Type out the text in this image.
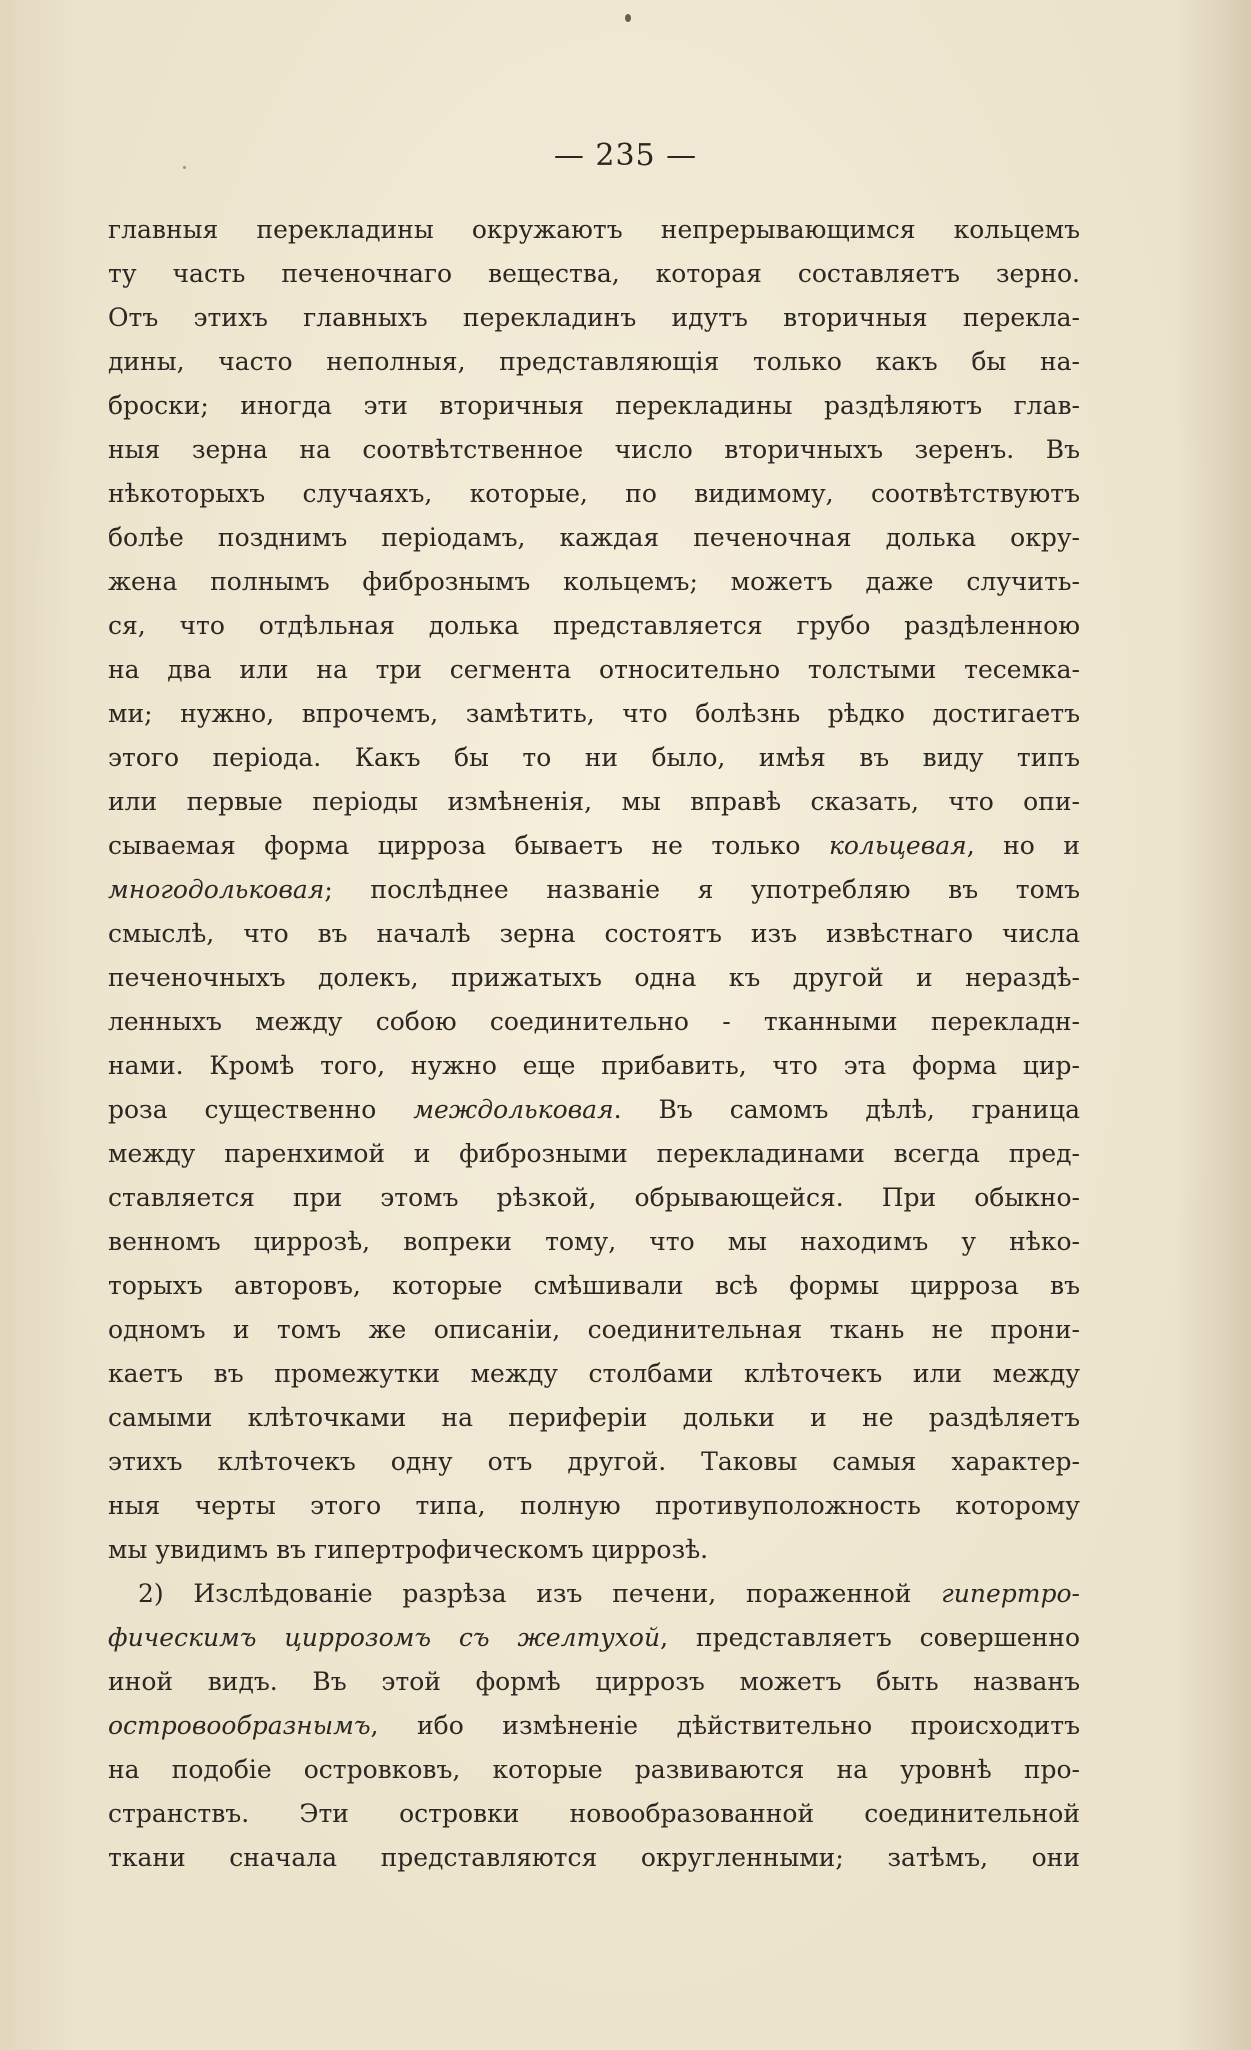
— 235 —
главныя перекладины окружаютъ непрерывающимся кольцемъ
ту часть печеночнаго вещества, которая составляетъ зерно.
Отъ этихъ главныхъ перекладинъ идутъ вторичныя перекла-
дины, часто неполныя, представляющія только какъ бы на-
броски; иногда эти вторичныя перекладины раздѣляютъ глав-
ныя зерна на соотвѣтственное число вторичныхъ зеренъ. Въ
нѣкоторыхъ случаяхъ, которые, по видимому, соотвѣтствуютъ
болѣе позднимъ періодамъ, каждая печеночная долька окру-
жена полнымъ фибрознымъ кольцемъ; можетъ даже случить-
ся, что отдѣльная долька представляется грубо раздѣленною
на два или на три сегмента относительно толстыми тесемка-
ми; нужно, впрочемъ, замѣтить, что болѣзнь рѣдко достигаетъ
этого періода. Какъ бы то ни было, имѣя въ виду типъ
или первые періоды измѣненія, мы вправѣ сказать, что опи-
сываемая форма цирроза бываетъ не только кольцевая, но и
многодольковая; послѣднее названіе я употребляю въ томъ
смыслѣ, что въ началѣ зерна состоятъ изъ извѣстнаго числа
печеночныхъ долекъ, прижатыхъ одна къ другой и нераздѣ-
ленныхъ между собою соединительно - тканными перекладн-
нами. Кромѣ того, нужно еще прибавить, что эта форма цир-
роза существенно междольковая. Въ самомъ дѣлѣ, граница
между паренхимой и фиброзными перекладинами всегда пред-
ставляется при этомъ рѣзкой, обрывающейся. При обыкно-
венномъ циррозѣ, вопреки тому, что мы находимъ у нѣко-
торыхъ авторовъ, которые смѣшивали всѣ формы цирроза въ
одномъ и томъ же описаніи, соединительная ткань не прони-
каетъ въ промежутки между столбами клѣточекъ или между
самыми клѣточками на периферіи дольки и не раздѣляетъ
этихъ клѣточекъ одну отъ другой. Таковы самыя характер-
ныя черты этого типа, полную противуположность которому
мы увидимъ въ гипертрофическомъ циррозѣ.
2) Изслѣдованіе разрѣза изъ печени, пораженной гипертро-
фическимъ циррозомъ съ желтухой, представляетъ совершенно
иной видъ. Въ этой формѣ циррозъ можетъ быть названъ
островообразнымъ, ибо измѣненіе дѣйствительно происходитъ
на подобіе островковъ, которые развиваются на уровнѣ про-
странствъ. Эти островки новообразованной соединительной
ткани сначала представляются округленными; затѣмъ, они
